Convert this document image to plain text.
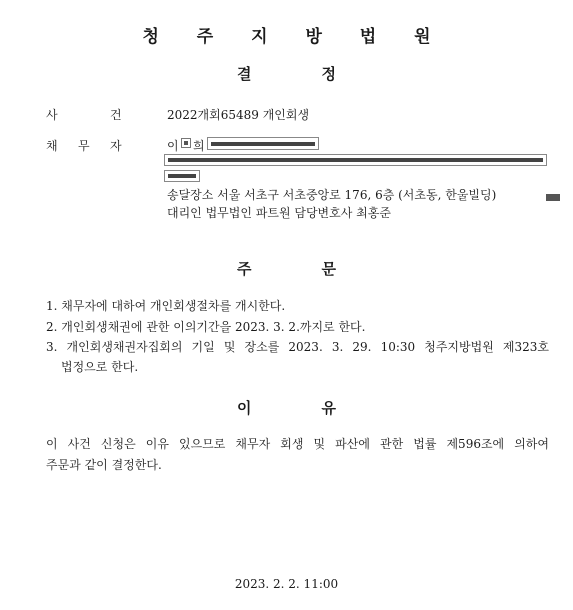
청 주 지 방 법 원
결	정
사	건	2022개회65489 개인회생
채 무 자	이 희
송달장소 서울 서초구 서초중앙로 176, 6층 (서초동, 한울빌딩)
대리인 법무법인 파트원 담당변호사 최홍준
주	문
1. 채무자에 대하여 개인회생절차를 개시한다.
2. 개인회생채권에 관한 이의기간을 2023. 3. 2.까지로 한다.
3. 개인회생채권자집회의 기일 및 장소를 2023. 3. 29. 10:30 청주지방법원 제323호
법정으로 한다.
이	유
이 사건 신청은 이유 있으므로 채무자 회생 및 파산에 관한 법률 제596조에 의하여
주문과 같이 결정한다.
2023. 2. 2. 11:00
